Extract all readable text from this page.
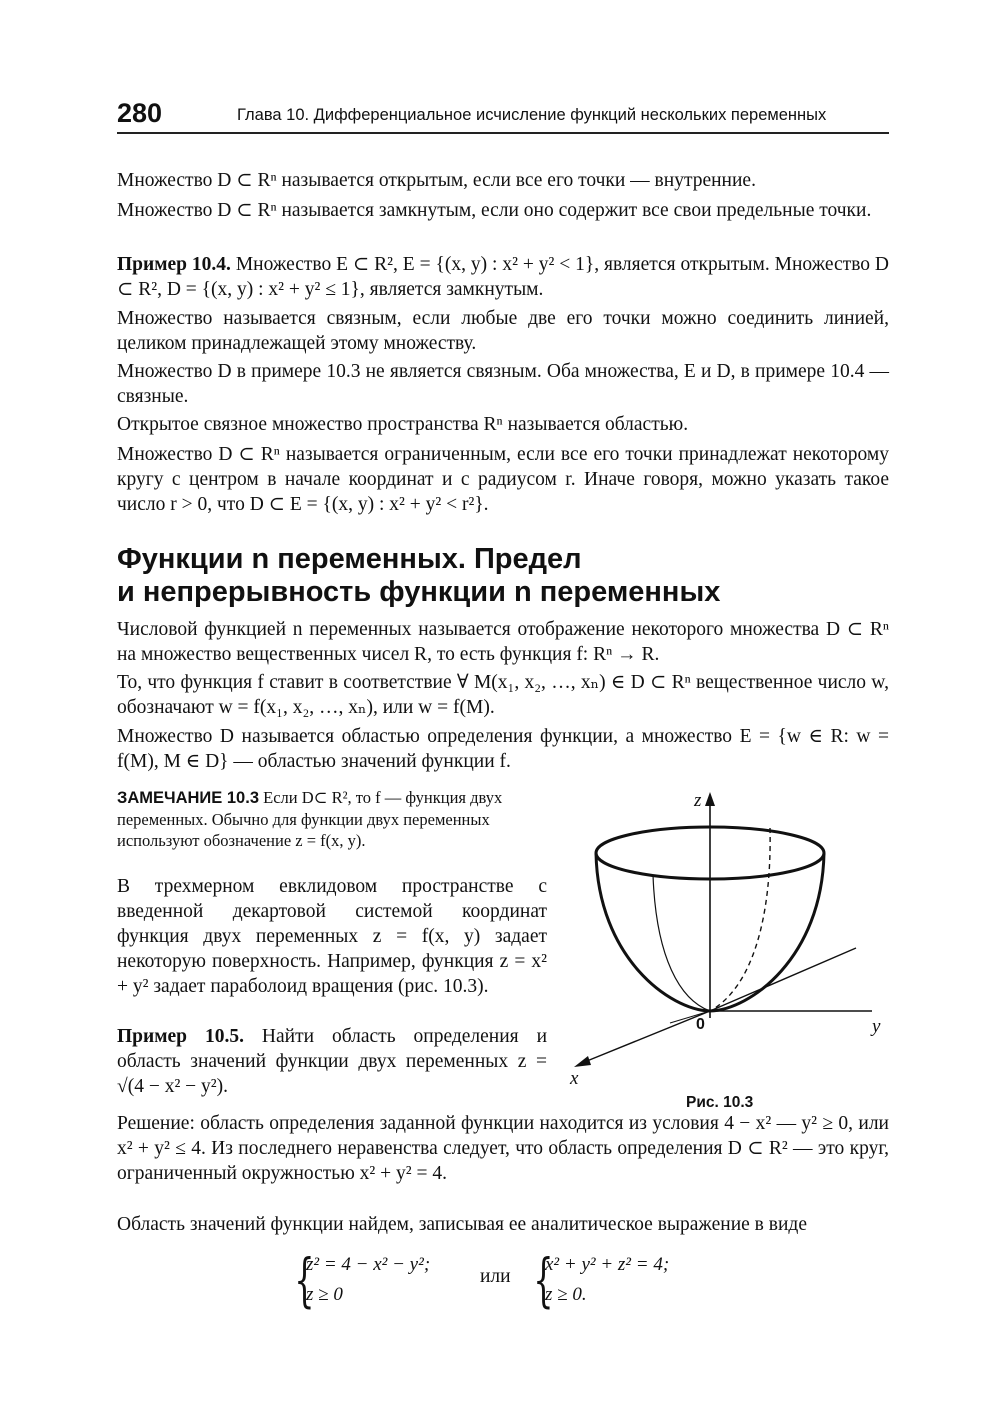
280	Глава 10. Дифференциальное исчисление функций нескольких переменных

Множество D ⊂ Rⁿ называется открытым, если все его точки — внутренние.

Множество D ⊂ Rⁿ называется замкнутым, если оно содержит все свои предельные точки.

Пример 10.4. Множество E ⊂ R², E = {(x, y) : x² + y² < 1}, является открытым. Множество D ⊂ R², D = {(x, y) : x² + y² ≤ 1}, является замкнутым.

Множество называется связным, если любые две его точки можно соединить линией, целиком принадлежащей этому множеству.

Множество D в примере 10.3 не является связным. Оба множества, E и D, в примере 10.4 — связные.

Открытое связное множество пространства Rⁿ называется областью.

Множество D ⊂ Rⁿ называется ограниченным, если все его точки принадлежат некоторому кругу с центром в начале координат и с радиусом r. Иначе говоря, можно указать такое число r > 0, что D ⊂ E = {(x, y) : x² + y² < r²}.

Функции n переменных. Предел
и непрерывность функции n переменных

Числовой функцией n переменных называется отображение некоторого множества D ⊂ Rⁿ на множество вещественных чисел R, то есть функция f: Rⁿ → R.

То, что функция f ставит в соответствие ∀ M(x₁, x₂, …, xₙ) ∈ D ⊂ Rⁿ вещественное число w, обозначают w = f(x₁, x₂, …, xₙ), или w = f(M).

Множество D называется областью определения функции, а множество E = {w ∈ R: w = f(M), M ∈ D} — областью значений функции f.

ЗАМЕЧАНИЕ 10.3 Если D⊂ R², то f — функция двух переменных. Обычно для функции двух переменных используют обозначение z = f(x, y).

В трехмерном евклидовом пространстве с введенной декартовой системой координат функция двух переменных z = f(x, y) задает некоторую поверхность. Например, функция z = x² + y² задает параболоид вращения (рис. 10.3).

Пример 10.5. Найти область определения и область значений функции двух переменных z = √(4 − x² − y²).

Решение: область определения заданной функции находится из условия 4 − x² — y² ≥ 0, или x² + y² ≤ 4. Из последнего неравенства следует, что область определения D ⊂ R² — это круг, ограниченный окружностью x² + y² = 4.

Область значений функции найдем, записывая ее аналитическое выражение в виде

z
y
x
0
Рис. 10.3
{
z² = 4 − x² − y²;
z ≥ 0
или {
x² + y² + z² = 4;
z ≥ 0.
